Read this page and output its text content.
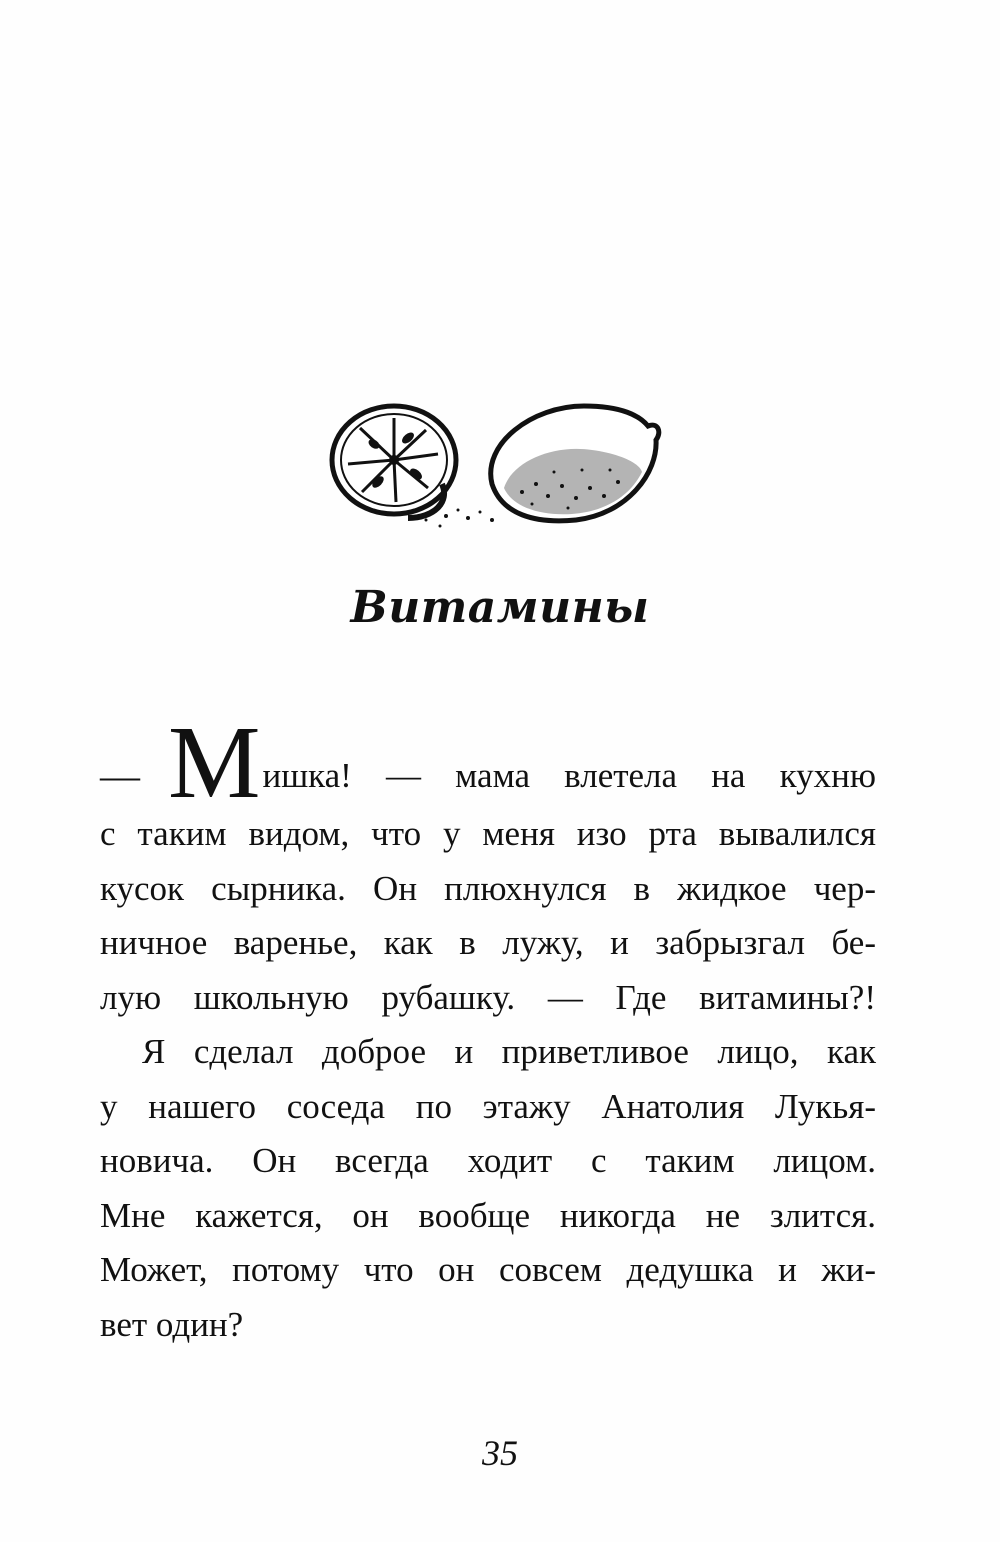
Витамины
— М ишка! — мама влетела на кухню
с таким видом, что у меня изо рта вывалился
кусок сырника. Он плюхнулся в жидкое чер-
ничное варенье, как в лужу, и забрызгал бе-
лую школьную рубашку. — Где витамины?!
Я сделал доброе и приветливое лицо, как
у нашего соседа по этажу Анатолия Лукья-
новича. Он всегда ходит с таким лицом.
Мне кажется, он вообще никогда не злится.
Может, потому что он совсем дедушка и жи-
вет один?
35
